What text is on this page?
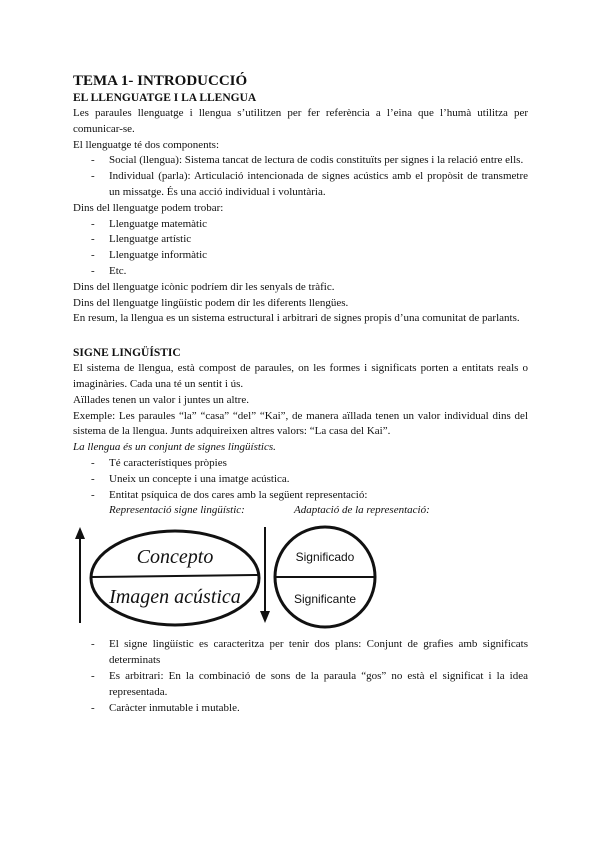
TEMA 1- INTRODUCCIÓ
EL LLENGUATGE I LA LLENGUA

Les paraules llenguatge i llengua s’utilitzen per fer referència a l’eina que l’humà utilitza per comunicar-se.

El llenguatge té dos components:

- Social (llengua): Sistema tancat de lectura de codis constituïts per signes i la relació entre ells.
- Individual (parla): Articulació intencionada de signes acústics amb el propòsit de transmetre un missatge. És una acció individual i voluntària.

Dins del llenguatge podem trobar:

- Llenguatge matemàtic
- Llenguatge artístic
- Llenguatge informàtic
- Etc.

Dins del llenguatge icònic podríem dir les senyals de tràfic.

Dins del llenguatge lingüístic podem dir les diferents llengües.

En resum, la llengua es un sistema estructural i arbitrari de signes propis d’una comunitat de parlants.

SIGNE LINGÜÍSTIC

El sistema de llengua, està compost de paraules, on les formes i significats porten a entitats reals o imaginàries. Cada una té un sentit i ús.

Aïllades tenen un valor i juntes un altre.

Exemple: Les paraules “la” “casa” “del” “Kai”, de manera aïllada tenen un valor individual dins del sistema de la llengua. Junts adquireixen altres valors: “La casa del Kai”.

La llengua és un conjunt de signes lingüístics.

- Té característiques pròpies
- Uneix un concepte i una imatge acústica.
- Entitat psíquica de dos cares amb la següent representació:
Representació signe lingüístic:	Adaptació de la representació:
Concepto
Imagen acústica
Significado
Significante
- El signe lingüístic es caracteritza per tenir dos plans: Conjunt de grafies amb significats determinats
- Es arbitrari: En la combinació de sons de la paraula “gos” no està el significat i la idea representada.
- Caràcter inmutable i mutable.
